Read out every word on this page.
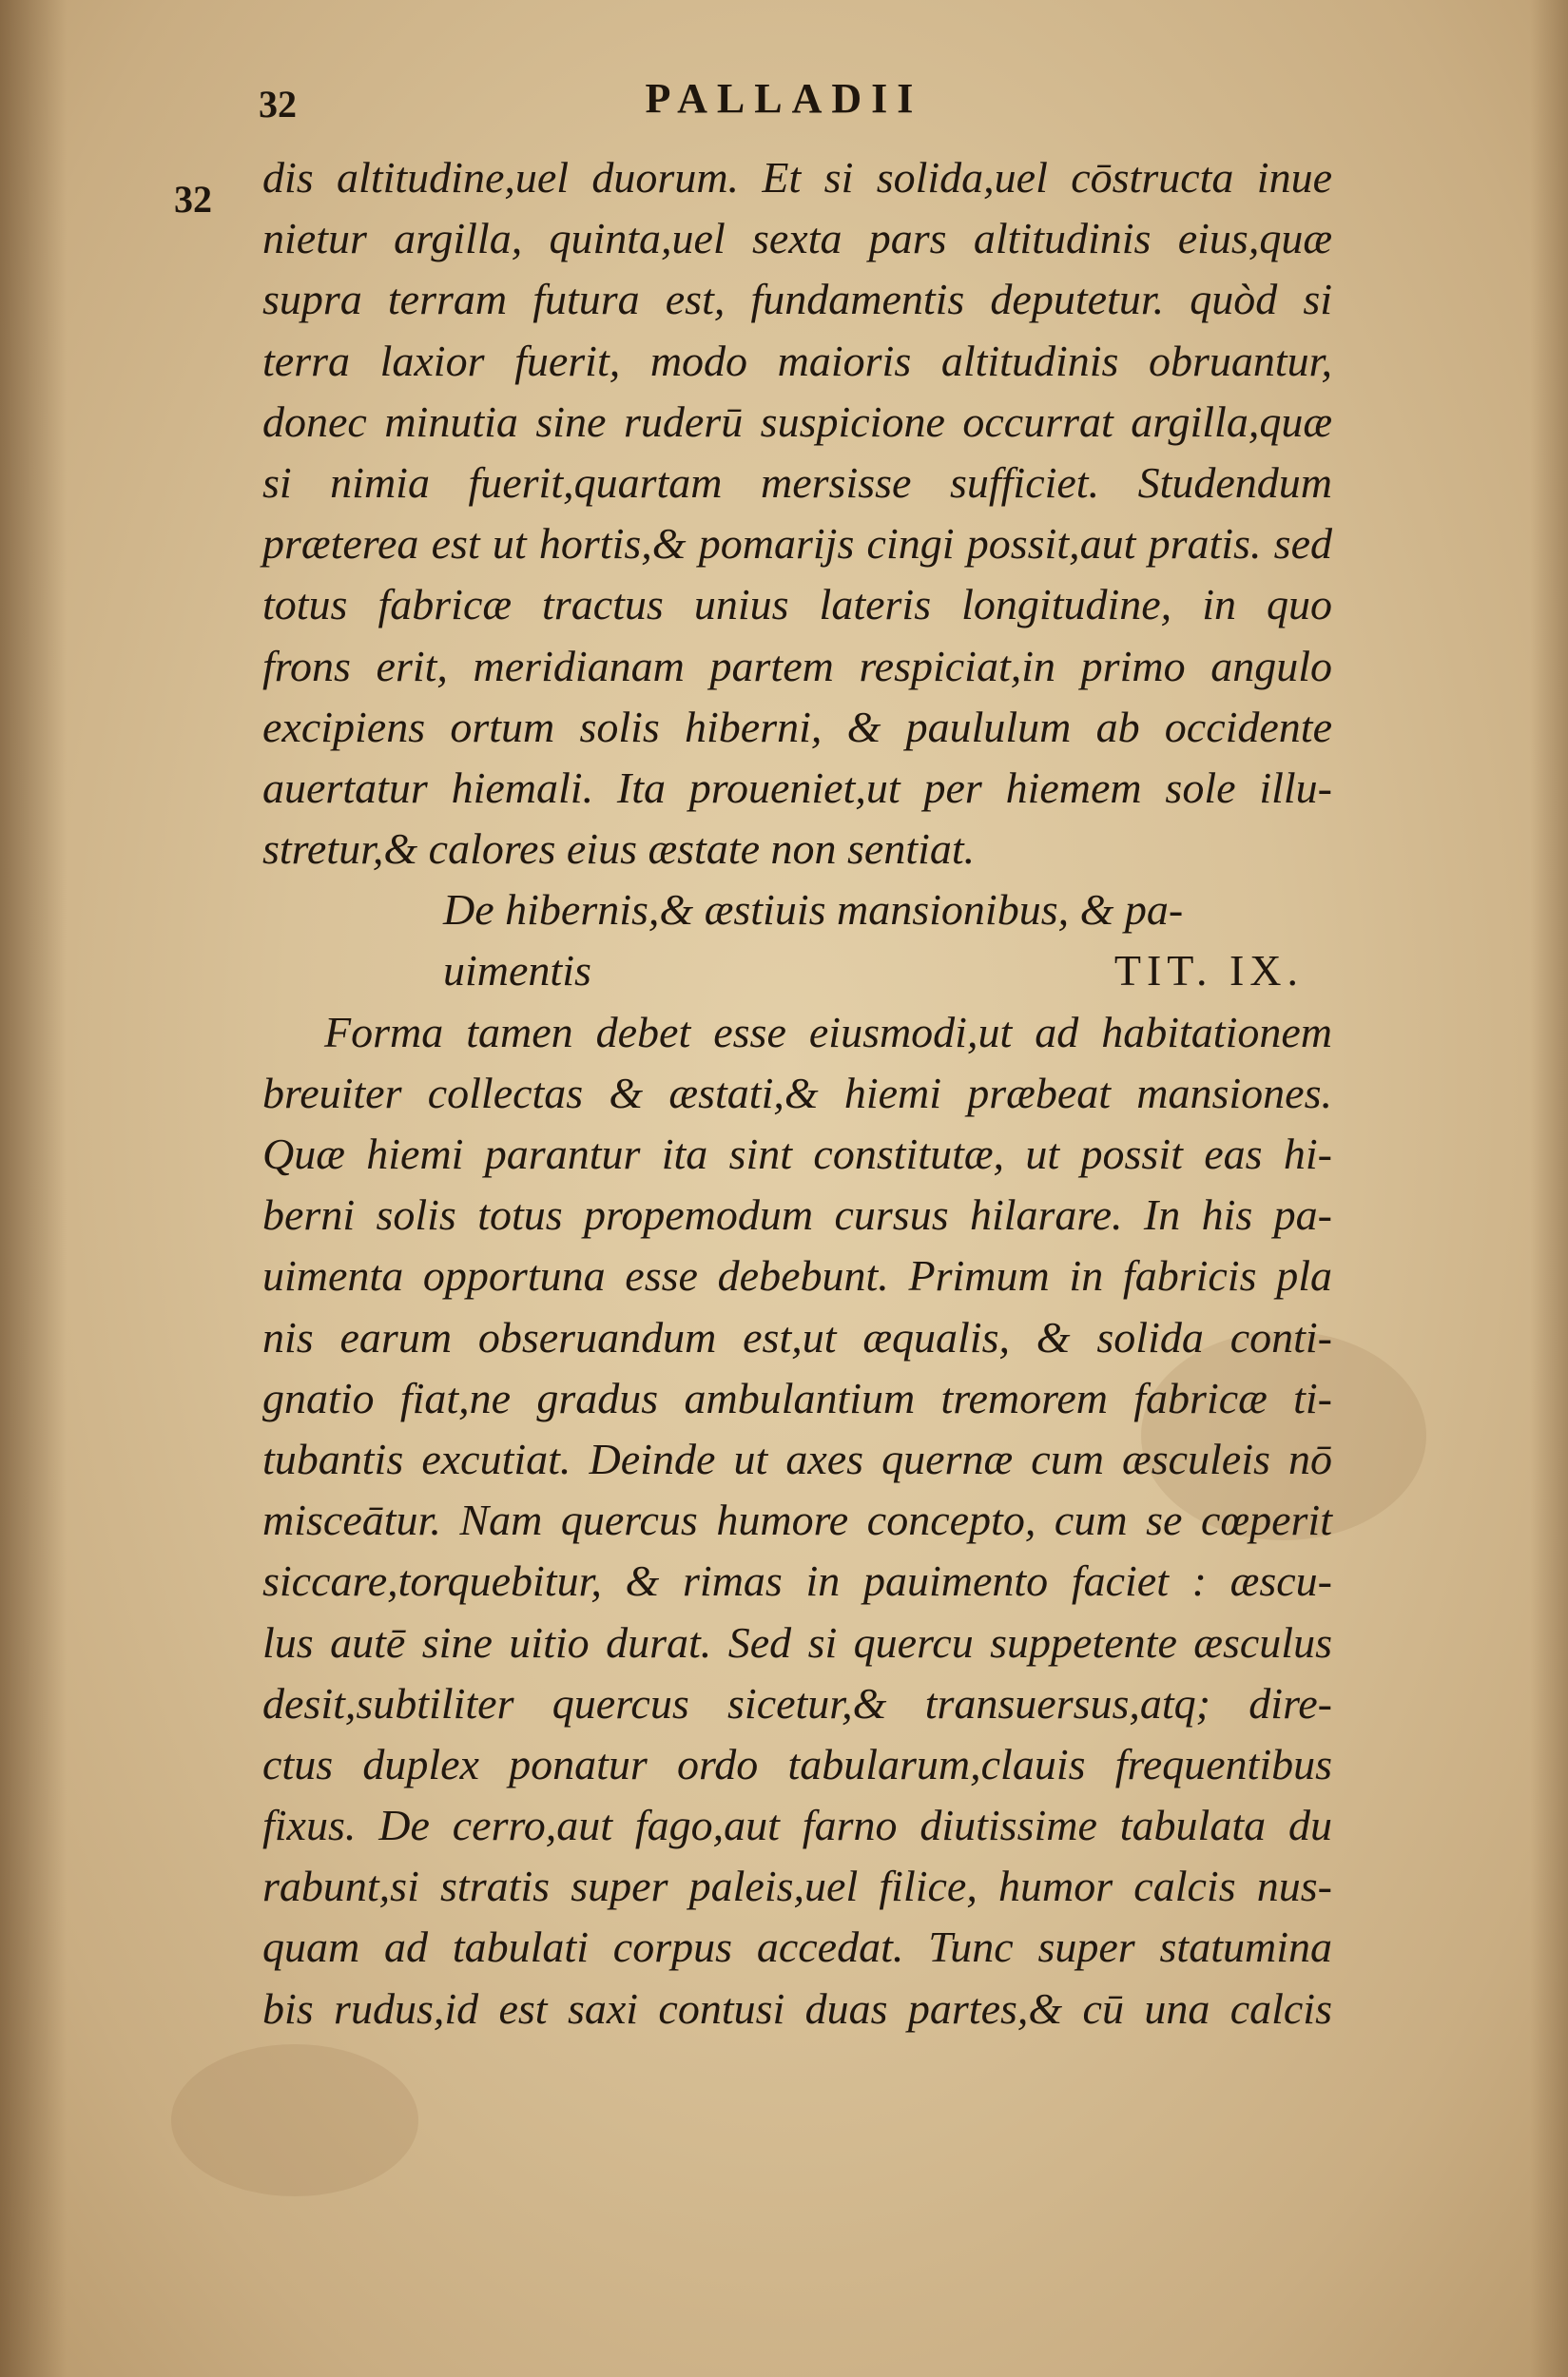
32	PALLADII
32 dis altitudine,uel duorum. Et si solida,uel cōstructa inue
nietur argilla, quinta,uel sexta pars altitudinis eius,quæ
supra terram futura est, fundamentis deputetur. quòd si
terra laxior fuerit, modo maioris altitudinis obruantur,
donec minutia sine ruderū suspicione occurrat argilla,quæ
si nimia fuerit,quartam mersisse sufficiet. Studendum
præterea est ut hortis,& pomarijs cingi possit,aut pratis. sed
totus fabricæ tractus unius lateris longitudine, in quo
frons erit, meridianam partem respiciat,in primo angulo
excipiens ortum solis hiberni, & paululum ab occidente
auertatur hiemali. Ita proueniet,ut per hiemem sole illu-
stretur,& calores eius æstate non sentiat.
De hibernis,& æstiuis mansionibus, & pa-
uimentis	TIT. IX.
Forma tamen debet esse eiusmodi,ut ad habitationem
breuiter collectas & æstati,& hiemi præbeat mansiones.
Quæ hiemi parantur ita sint constitutæ, ut possit eas hi-
berni solis totus propemodum cursus hilarare. In his pa-
uimenta opportuna esse debebunt. Primum in fabricis pla
nis earum obseruandum est,ut æqualis, & solida conti-
gnatio fiat,ne gradus ambulantium tremorem fabricæ ti-
tubantis excutiat. Deinde ut axes quernæ cum æsculeis nō
misceātur. Nam quercus humore concepto, cum se cœperit
siccare,torquebitur, & rimas in pauimento faciet : æscu-
lus autē sine uitio durat. Sed si quercu suppetente æsculus
desit,subtiliter quercus sicetur,& transuersus,atq; dire-
ctus duplex ponatur ordo tabularum,clauis frequentibus
fixus. De cerro,aut fago,aut farno diutissime tabulata du
rabunt,si stratis super paleis,uel filice, humor calcis nus-
quam ad tabulati corpus accedat. Tunc super statumina
bis rudus,id est saxi contusi duas partes,& cū una calcis
